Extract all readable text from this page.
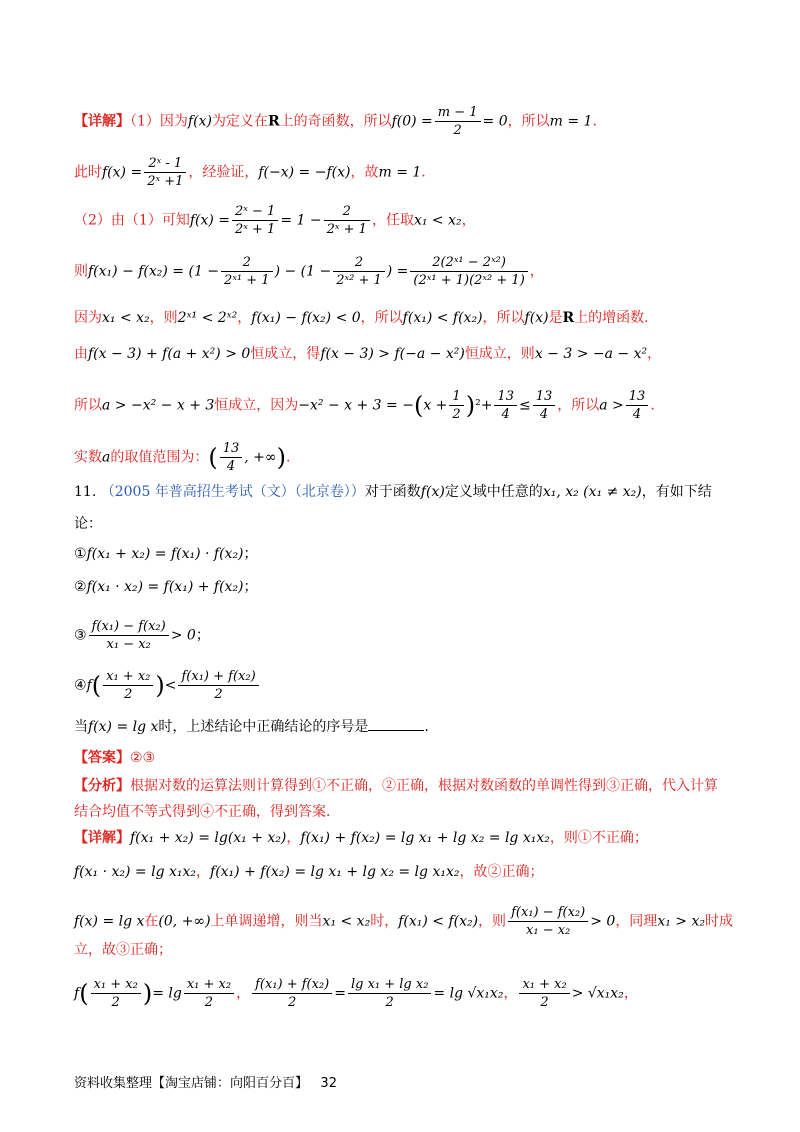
【详解】（1）因为f(x)为定义在R上的奇函数，所以$f(0) = \frac{m - 1}{2} = 0$，所以m = 1.
此时$f(x) = \frac{\text{2ˣ - 1}}{\text{2ˣ +1}}$ ，经验证，f(−x) = −f(x)，故m = 1.
（2）由（1）可知$f(x) = \frac{\text{2ˣ − 1}}{\text{2ˣ + 1}} = 1 - \frac{2}{\text{2ˣ + 1}}$ ，任取x₁ < x₂，
则$f(x_1) - f(x_2) = (1 - \frac{2}{\text{2ˣ¹ + 1}}$ ) − ($1 - \frac{2}{\text{2ˣ² + 1}}$ ) = $\frac{\text{2(2ˣ¹ − 2ˣ²)}}{\text{(2ˣ¹ + 1)(2ˣ² + 1)}}$ ，
因为x₁ < x₂，则2ˣ¹ < 2ˣ²，f(x₁) − f(x₂) < 0，所以f(x₁) < f(x₂)，所以f(x)是R上的增函数.
由f(x − 3) + f(a + x²) > 0恒成立，得f(x − 3) > f(−a − x²)恒成立，则x − 3 > −a − x²，
所以a > −x² − x + 3恒成立，因为$-x^2 - x + 3 = -(x + \frac{1}{2} )^2+ \frac{13}{4} \le \frac{13}{4}$ ，所以$a > \frac{13}{4}$ .
实数a的取值范围为：( $\frac{13}{4}$ , +∞).
11. （2005 年普高招生考试（文）（北京卷））对于函数f(x)定义域中任意的x₁, x₂ (x₁ ≠ x₂)，有如下结
论：
①f(x₁ + x₂) = f(x₁) · f(x₂)；
②f(x₁ · x₂) = f(x₁) + f(x₂)；
③ $\frac{\text{f(x₁) − f(x₂)}}{\text{x₁ − x₂}} > 0$；
④f( $\frac{\text{x₁ + x₂}}{2}$ )< $\frac{\text{f(x₁) + f(x₂)}}{2}$
当f(x) = lg x时，上述结论中正确结论的序号是	.
【答案】②③
【分析】根据对数的运算法则计算得到①不正确，②正确，根据对数函数的单调性得到③正确，代入计算
结合均值不等式得到④不正确，得到答案.
【详解】f(x₁ + x₂) = lg(x₁ + x₂)，f(x₁) + f(x₂) = lg x₁ + lg x₂ = lg x₁x₂，则①不正确；
f(x₁ · x₂) = lg x₁x₂，f(x₁) + f(x₂) = lg x₁ + lg x₂ = lg x₁x₂，故②正确；
f(x) = lg x在(0, +∞)上单调递增，则当x₁ < x₂时，f(x₁) < f(x₂)，则 $\frac{\text{f(x₁) − f(x₂)}}{\text{x₁ − x₂}} > 0$，同理x₁ > x₂时成
立，故③正确；
$f( \frac{\text{x₁ + x₂}}{2}$ )= $\lg \frac{\text{x₁ + x₂}}{2}$ ， $\frac{\text{f(x₁) + f(x₂)}}{2} = \frac{\text{lg x₁ + lg x₂}}{2} = \lg √x_1x_2$， $\frac{\text{x₁ + x₂}}{2} > √x_1x_2$，
资料收集整理【淘宝店铺：向阳百分百】 32
